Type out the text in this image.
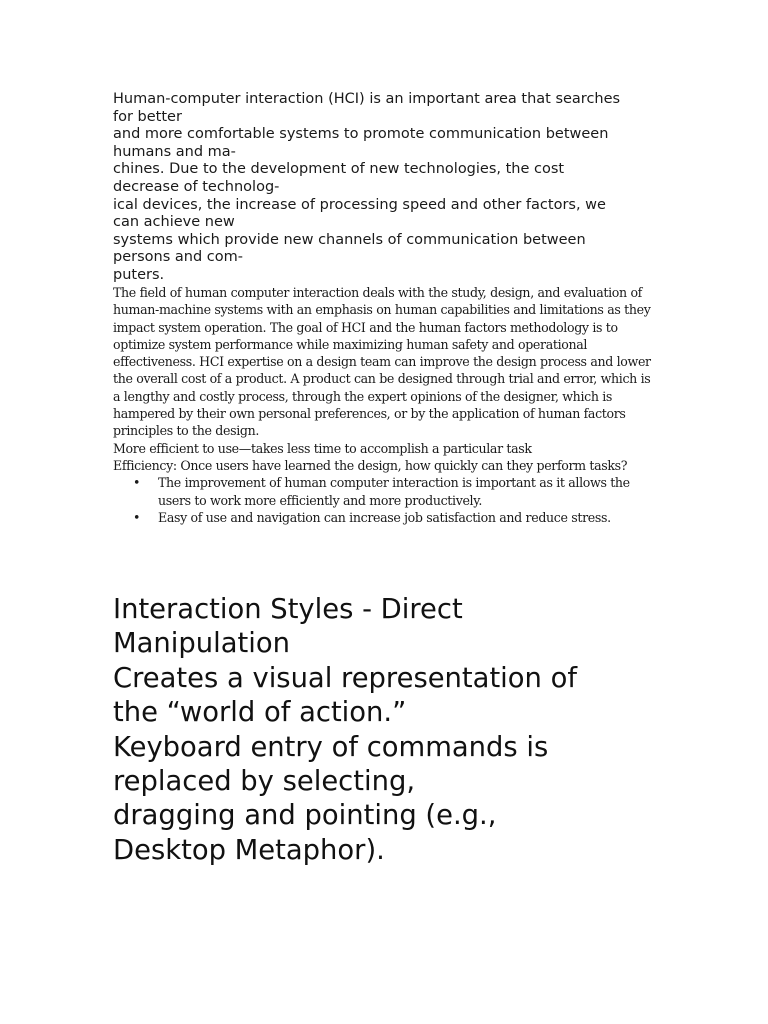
Human-computer interaction (HCI) is an important area that searches
for better
and more comfortable systems to promote communication between
humans and ma-
chines. Due to the development of new technologies, the cost
decrease of technolog-
ical devices, the increase of processing speed and other factors, we
can achieve new
systems which provide new channels of communication between
persons and com-
puters.
The field of human computer interaction deals with the study, design, and evaluation of
human-machine systems with an emphasis on human capabilities and limitations as they
impact system operation. The goal of HCI and the human factors methodology is to
optimize system performance while maximizing human safety and operational
effectiveness. HCI expertise on a design team can improve the design process and lower
the overall cost of a product. A product can be designed through trial and error, which is
a lengthy and costly process, through the expert opinions of the designer, which is
hampered by their own personal preferences, or by the application of human factors
principles to the design.
More efficient to use—takes less time to accomplish a particular task
Efficiency: Once users have learned the design, how quickly can they perform tasks?
• The improvement of human computer interaction is important as it allows the
users to work more efficiently and more productively.
• Easy of use and navigation can increase job satisfaction and reduce stress.
Interaction Styles - Direct
Manipulation
Creates a visual representation of
the “world of action.”
Keyboard entry of commands is
replaced by selecting,
dragging and pointing (e.g.,
Desktop Metaphor).
